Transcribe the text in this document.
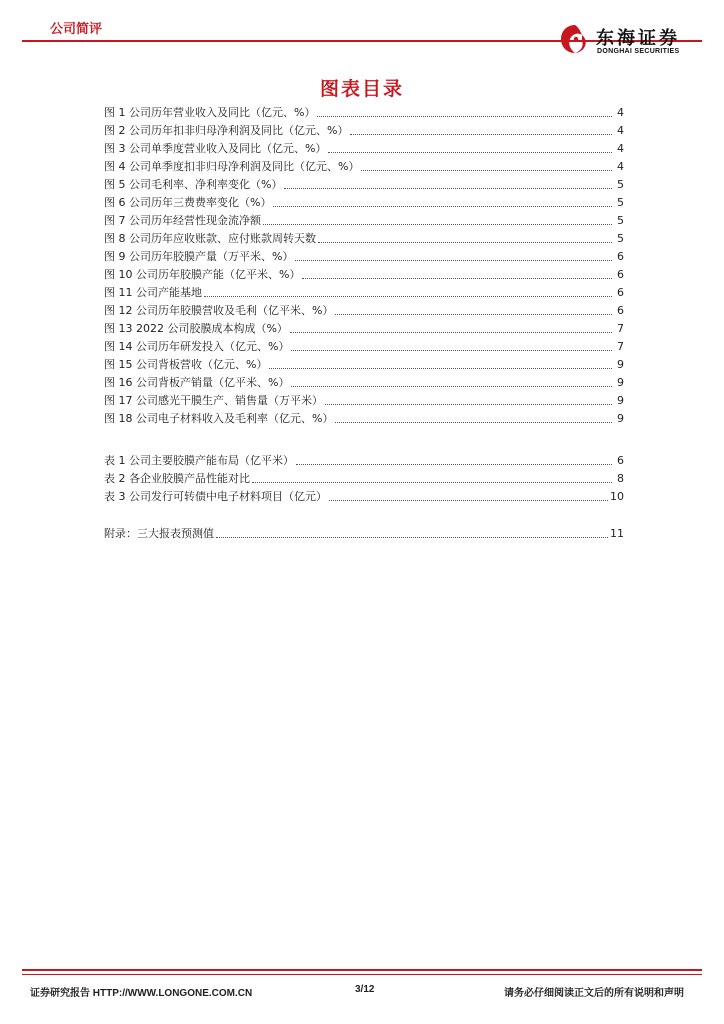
公司简评	东海证券
DONGHAI SECURITIES
图表目录
图 1 公司历年营业收入及同比（亿元、%）	4
图 2 公司历年扣非归母净利润及同比（亿元、%）	4
图 3 公司单季度营业收入及同比（亿元、%）	4
图 4 公司单季度扣非归母净利润及同比（亿元、%）	4
图 5 公司毛利率、净利率变化（%）	5
图 6 公司历年三费费率变化（%）	5
图 7 公司历年经营性现金流净额	5
图 8 公司历年应收账款、应付账款周转天数	5
图 9 公司历年胶膜产量（万平米、%）	6
图 10 公司历年胶膜产能（亿平米、%）	6
图 11 公司产能基地	6
图 12 公司历年胶膜营收及毛利（亿平米、%）	6
图 13 2022 公司胶膜成本构成（%）	7
图 14 公司历年研发投入（亿元、%）	7
图 15 公司背板营收（亿元、%）	9
图 16 公司背板产销量（亿平米、%）	9
图 17 公司感光干膜生产、销售量（万平米）	9
图 18 公司电子材料收入及毛利率（亿元、%）	9
表 1 公司主要胶膜产能布局（亿平米）	6
表 2 各企业胶膜产品性能对比	8
表 3 公司发行可转债中电子材料项目（亿元）	10
附录：三大报表预测值	11
证券研究报告 HTTP://WWW.LONGONE.COM.CN	3/12	请务必仔细阅读正文后的所有说明和声明
